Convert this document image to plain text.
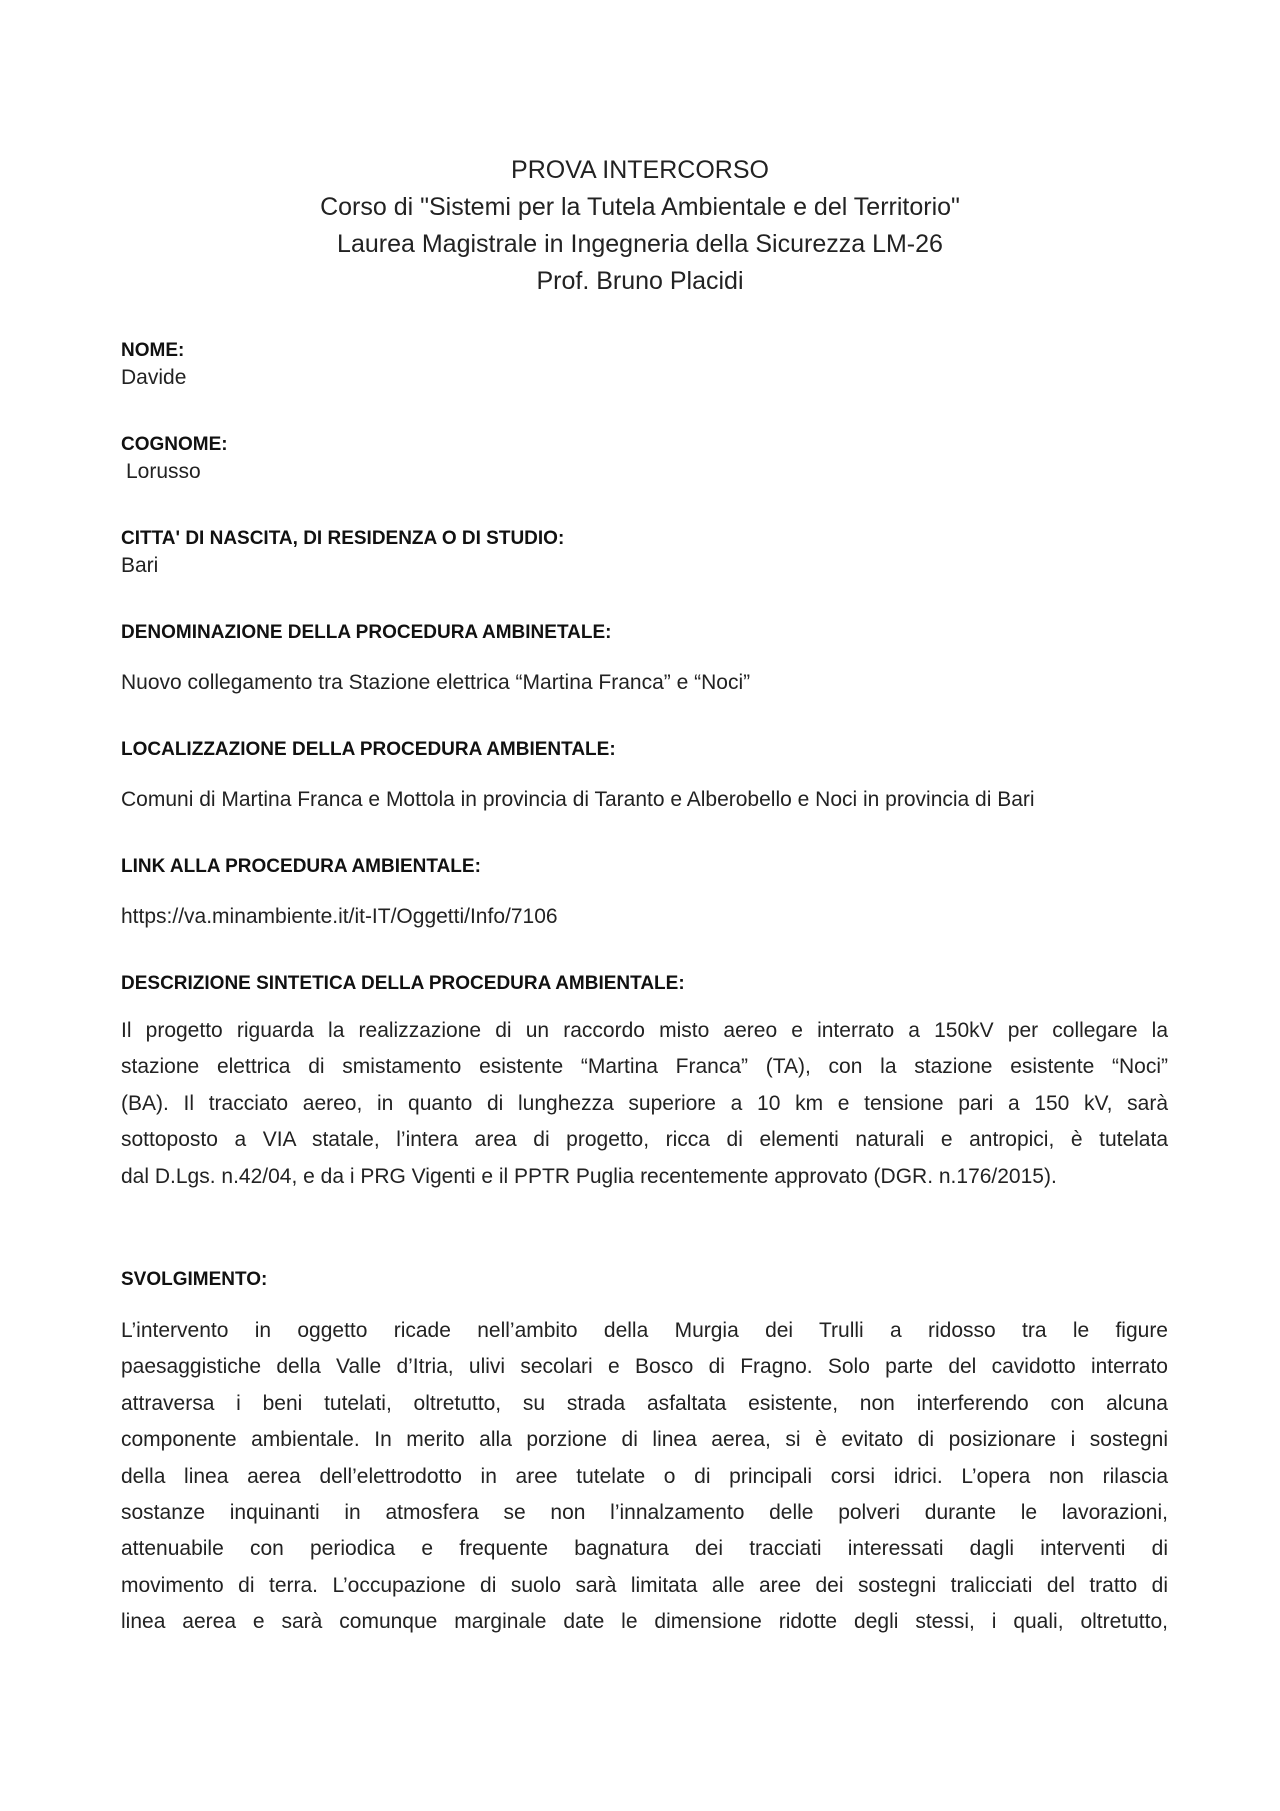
PROVA INTERCORSO
Corso di "Sistemi per la Tutela Ambientale e del Territorio"
Laurea Magistrale in Ingegneria della Sicurezza LM-26
Prof. Bruno Placidi

NOME:

Davide

COGNOME:

Lorusso

CITTA' DI NASCITA, DI RESIDENZA O DI STUDIO:

Bari

DENOMINAZIONE DELLA PROCEDURA AMBINETALE:

Nuovo collegamento tra Stazione elettrica “Martina Franca” e “Noci”

LOCALIZZAZIONE DELLA PROCEDURA AMBIENTALE:

Comuni di Martina Franca e Mottola in provincia di Taranto e Alberobello e Noci in provincia di Bari

LINK ALLA PROCEDURA AMBIENTALE:

https://va.minambiente.it/it-IT/Oggetti/Info/7106

DESCRIZIONE SINTETICA DELLA PROCEDURA AMBIENTALE:

Il progetto riguarda la realizzazione di un raccordo misto aereo e interrato a 150kV per collegare la
stazione elettrica di smistamento esistente “Martina Franca” (TA), con la stazione esistente “Noci”
(BA). Il tracciato aereo, in quanto di lunghezza superiore a 10 km e tensione pari a 150 kV, sarà
sottoposto a VIA statale, l’intera area di progetto, ricca di elementi naturali e antropici, è tutelata
dal D.Lgs. n.42/04, e da i PRG Vigenti e il PPTR Puglia recentemente approvato (DGR. n.176/2015).

SVOLGIMENTO:

L’intervento in oggetto ricade nell’ambito della Murgia dei Trulli a ridosso tra le figure
paesaggistiche della Valle d’Itria, ulivi secolari e Bosco di Fragno. Solo parte del cavidotto interrato
attraversa i beni tutelati, oltretutto, su strada asfaltata esistente, non interferendo con alcuna
componente ambientale. In merito alla porzione di linea aerea, si è evitato di posizionare i sostegni
della linea aerea dell’elettrodotto in aree tutelate o di principali corsi idrici. L’opera non rilascia
sostanze inquinanti in atmosfera se non l’innalzamento delle polveri durante le lavorazioni,
attenuabile con periodica e frequente bagnatura dei tracciati interessati dagli interventi di
movimento di terra. L’occupazione di suolo sarà limitata alle aree dei sostegni tralicciati del tratto di
linea aerea e sarà comunque marginale date le dimensione ridotte degli stessi, i quali, oltretutto,
